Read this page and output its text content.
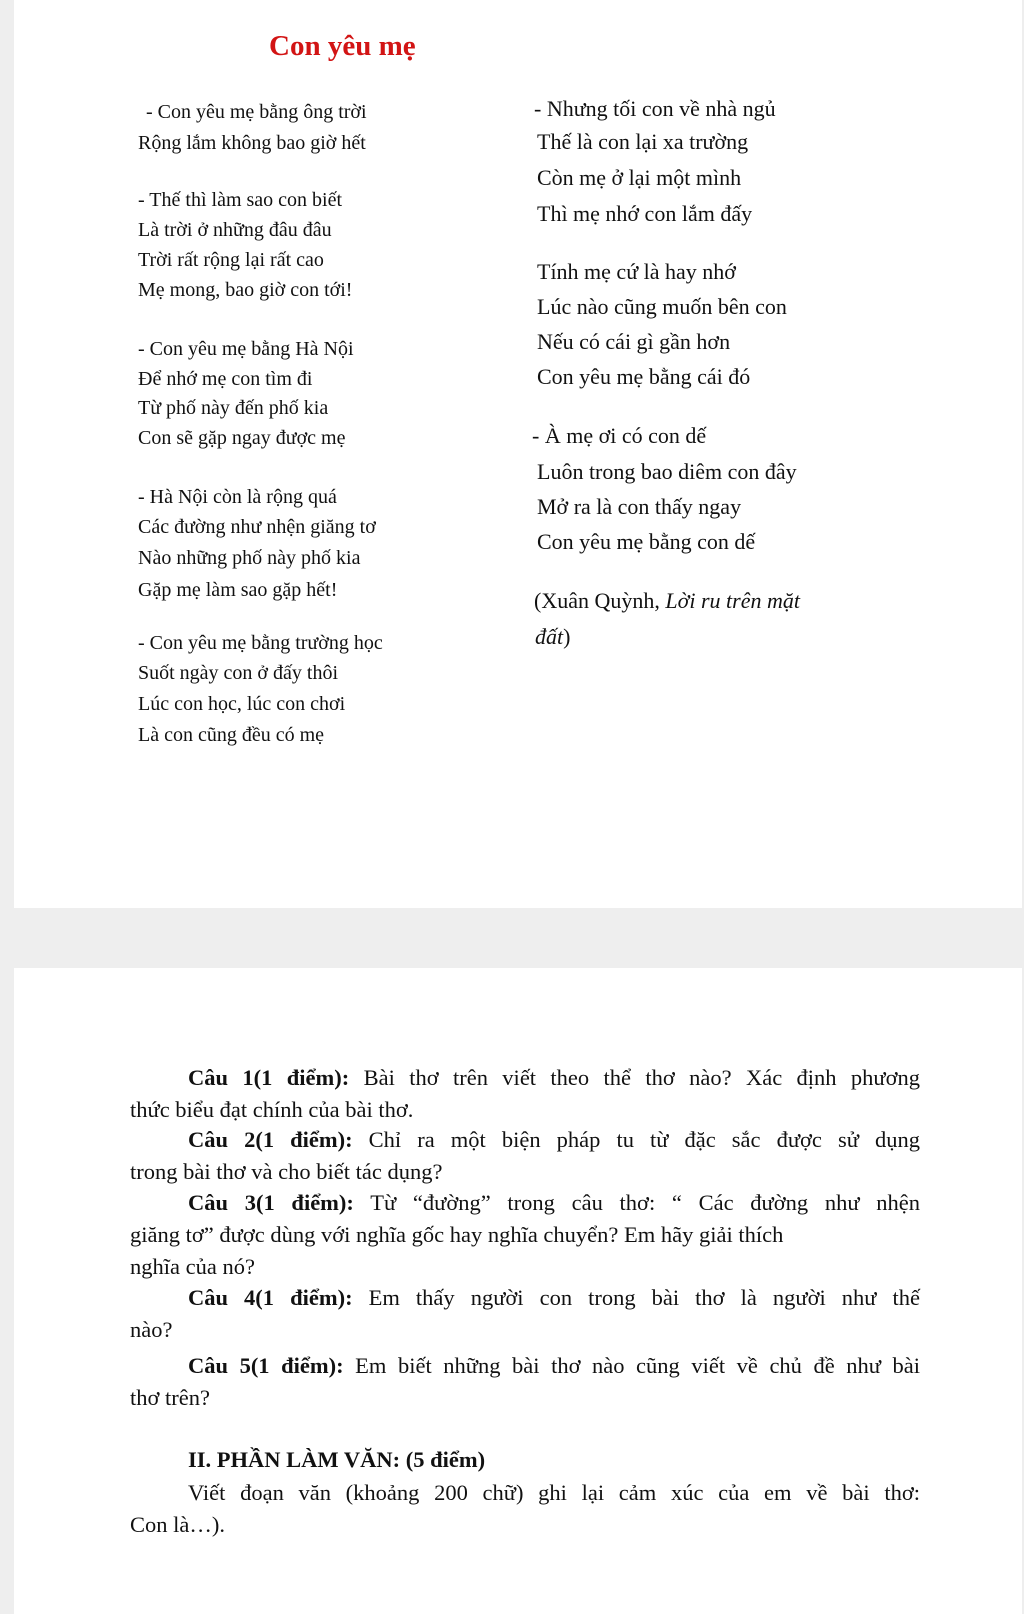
Con yêu mẹ
- Con yêu mẹ bằng ông trời
Rộng lắm không bao giờ hết
- Thế thì làm sao con biết
Là trời ở những đâu đâu
Trời rất rộng lại rất cao
Mẹ mong, bao giờ con tới!
- Con yêu mẹ bằng Hà Nội
Để nhớ mẹ con tìm đi
Từ phố này đến phố kia
Con sẽ gặp ngay được mẹ
- Hà Nội còn là rộng quá
Các đường như nhện giăng tơ
Nào những phố này phố kia
Gặp mẹ làm sao gặp hết!
- Con yêu mẹ bằng trường học
Suốt ngày con ở đấy thôi
Lúc con học, lúc con chơi
Là con cũng đều có mẹ
- Nhưng tối con về nhà ngủ
Thế là con lại xa trường
Còn mẹ ở lại một mình
Thì mẹ nhớ con lắm đấy
Tính mẹ cứ là hay nhớ
Lúc nào cũng muốn bên con
Nếu có cái gì gần hơn
Con yêu mẹ bằng cái đó
- À mẹ ơi có con dế
Luôn trong bao diêm con đây
Mở ra là con thấy ngay
Con yêu mẹ bằng con dế
(Xuân Quỳnh, Lời ru trên mặt
đất)
Câu 1(1 điểm): Bài thơ trên viết theo thể thơ nào? Xác định phương
thức biểu đạt chính của bài thơ.
Câu 2(1 điểm): Chỉ ra một biện pháp tu từ đặc sắc được sử dụng
trong bài thơ và cho biết tác dụng?
Câu 3(1 điểm): Từ “đường” trong câu thơ: “ Các đường như nhện
giăng tơ” được dùng với nghĩa gốc hay nghĩa chuyển? Em hãy giải thích
nghĩa của nó?
Câu 4(1 điểm): Em thấy người con trong bài thơ là người như thế
nào?
Câu 5(1 điểm): Em biết những bài thơ nào cũng viết về chủ đề như bài
thơ trên?
II. PHẦN LÀM VĂN: (5 điểm)
Viết đoạn văn (khoảng 200 chữ) ghi lại cảm xúc của em về bài thơ:
Con là…).
